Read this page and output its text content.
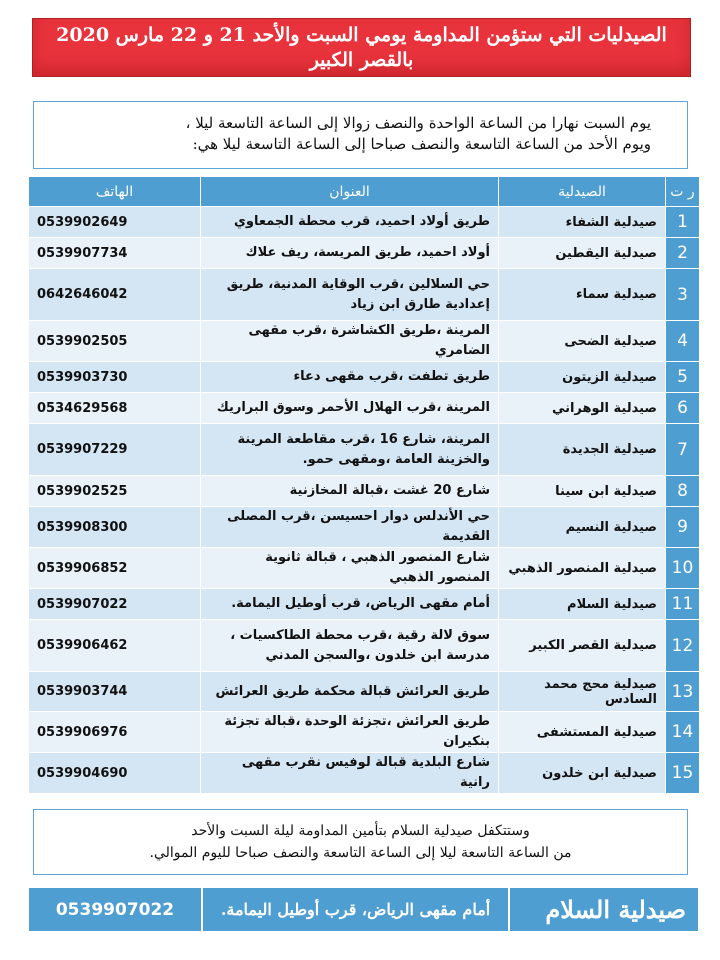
الصيدليات التي ستؤمن المداومة يومي السبت والأحد 21 و 22 مارس 2020
بالقصر الكبير
يوم السبت نهارا من الساعة الواحدة والنصف زوالا إلى الساعة التاسعة ليلا ،
ويوم الأحد من الساعة التاسعة والنصف صباحا إلى الساعة التاسعة ليلا هي:
ر ت	الصيدلية	العنوان	الهاتف
1	صيدلية الشفاء	طريق أولاد احميد، قرب محطة الجمعاوي	0539902649
2	صيدلية اليقطين	أولاد احميد، طريق المريسة، ريف علاك	0539907734
3	صيدلية سماء	حي السلالين ،قرب الوقاية المدنية، طريق إعدادية طارق ابن زياد	0642646042
4	صيدلية الضحى	المرينة ،طريق الكشاشرة ،قرب مقهى الضامري	0539902505
5	صيدلية الزيتون	طريق تطفت ،قرب مقهى دعاء	0539903730
6	صيدلية الوهراني	المرينة ،قرب الهلال الأحمر وسوق البراريك	0534629568
7	صيدلية الجديدة	المرينة، شارع 16 ،قرب مقاطعة المرينة والخزينة العامة ،ومقهى حمو.	0539907229
8	صيدلية ابن سينا	شارع 20 غشت ،قبالة المخازنية	0539902525
9	صيدلية النسيم	حي الأندلس دوار احسيسن ،قرب المصلى القديمة	0539908300
10	صيدلية المنصور الذهبي	شارع المنصور الذهبي ، قبالة ثانوية المنصور الذهبي	0539906852
11	صيدلية السلام	أمام مقهى الرياض، قرب أوطيل اليمامة.	0539907022
12	صيدلية القصر الكبير	سوق لالة رقية ،قرب محطة الطاكسيات ، مدرسة ابن خلدون ،والسجن المدني	0539906462
13	صيدلية محج محمد السادس	طريق العرائش قبالة محكمة طريق العرائش	0539903744
14	صيدلية المستشفى	طريق العرائش ،تجزئة الوحدة ،قبالة تجزئة بنكيران	0539906976
15	صيدلية ابن خلدون	شارع البلدية قبالة لوفيس نقرب مقهى رانية	0539904690
وستتكفل صيدلية السلام بتأمين المداومة ليلة السبت والأحد
من الساعة التاسعة ليلا إلى الساعة التاسعة والنصف صباحا لليوم الموالي.
صيدلية السلام
أمام مقهى الرياض، قرب أوطيل اليمامة.
0539907022
